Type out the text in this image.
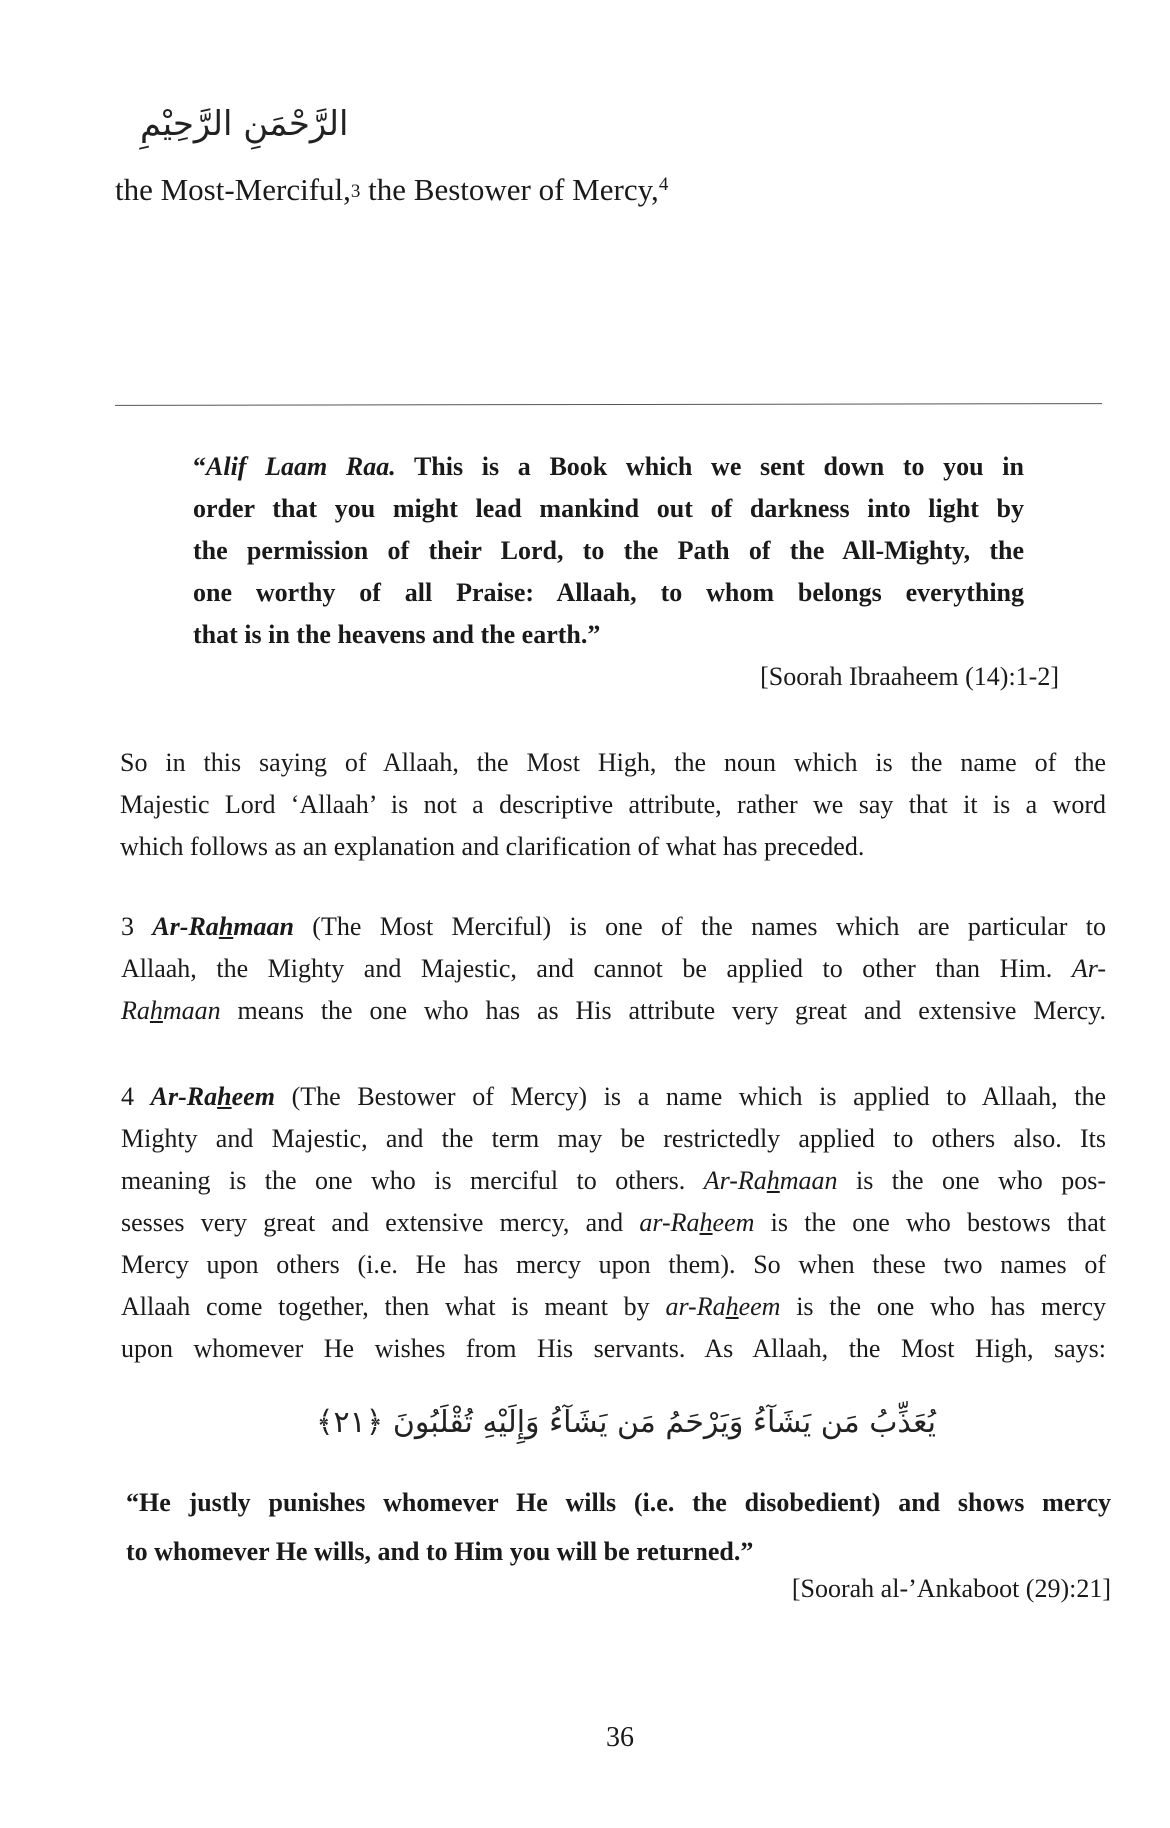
الرَّحْمَنِ الرَّحِيْمِ
the Most-Merciful,3 the Bestower of Mercy,$^4$
“Alif Laam Raa. This is a Book which we sent down to you in
order that you might lead mankind out of darkness into light by
the permission of their Lord, to the Path of the All-Mighty, the
one worthy of all Praise: Allaah, to whom belongs everything
that is in the heavens and the earth.”
[Soorah Ibraaheem (14):1-2]
So in this saying of Allaah, the Most High, the noun which is the name of the
Majestic Lord ‘Allaah’ is not a descriptive attribute, rather we say that it is a word
which follows as an explanation and clarification of what has preceded.
3 Ar-Rahmaan (The Most Merciful) is one of the names which are particular to
Allaah, the Mighty and Majestic, and cannot be applied to other than Him. Ar-
Rahmaan means the one who has as His attribute very great and extensive Mercy.
4 Ar-Raheem (The Bestower of Mercy) is a name which is applied to Allaah, the
Mighty and Majestic, and the term may be restrictedly applied to others also. Its
meaning is the one who is merciful to others. Ar-Rahmaan is the one who pos-
sesses very great and extensive mercy, and ar-Raheem is the one who bestows that
Mercy upon others (i.e. He has mercy upon them). So when these two names of
Allaah come together, then what is meant by ar-Raheem is the one who has mercy
upon whomever He wishes from His servants. As Allaah, the Most High, says:
يُعَذِّبُ مَن يَشَآءُ وَيَرْحَمُ مَن يَشَآءُ وَإِلَيْهِ تُقْلَبُونَ ﴿٢١﴾
“He justly punishes whomever He wills (i.e. the disobedient) and shows mercy
to whomever He wills, and to Him you will be returned.”
[Soorah al-’Ankaboot (29):21]
36
